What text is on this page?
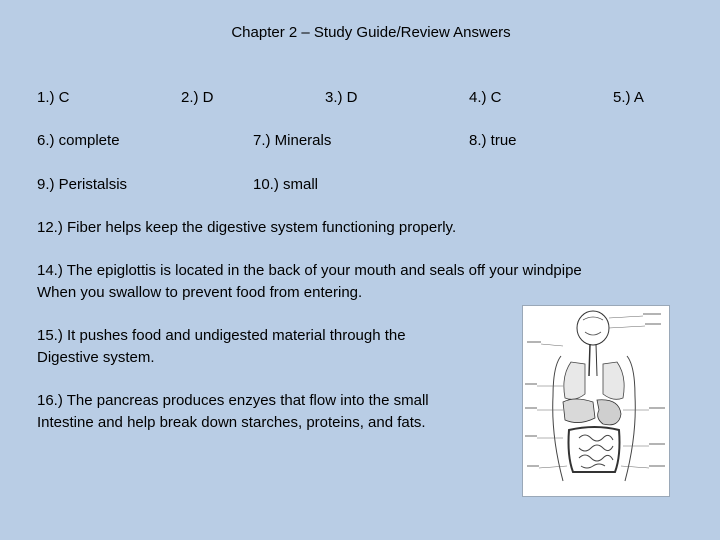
Chapter 2 – Study Guide/Review Answers
1.) C	2.) D	3.) D	4.) C	5.) A
6.) complete	7.) Minerals	8.) true
9.) Peristalsis	10.) small
12.) Fiber helps keep the digestive system functioning properly.
14.) The epiglottis is located in the back of your mouth and seals off your windpipe
When you swallow to prevent food from entering.
15.) It pushes food and undigested material through the
Digestive system.
16.) The pancreas produces enzyes that flow into the small
Intestine and help break down starches, proteins, and fats.
